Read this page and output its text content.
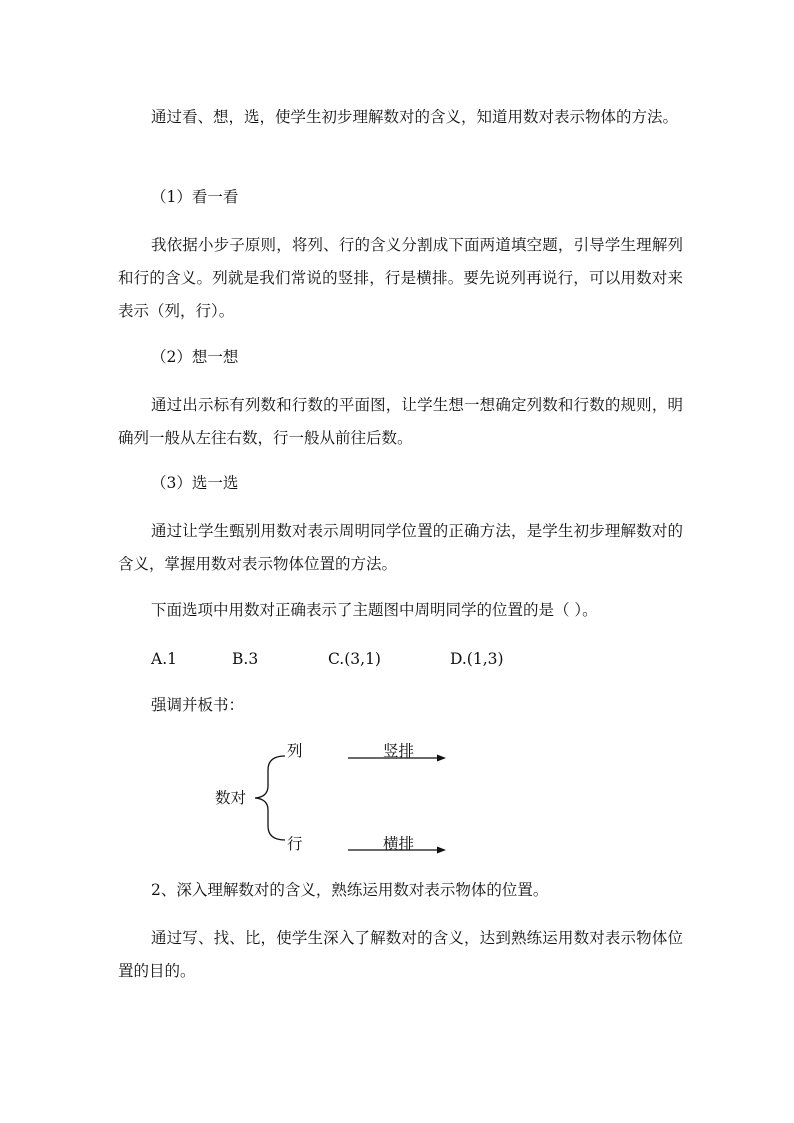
通过看、想，选，使学生初步理解数对的含义，知道用数对表示物体的方法。

（1）看一看

我依据小步子原则，将列、行的含义分割成下面两道填空题，引导学生理解列和行的含义。列就是我们常说的竖排，行是横排。要先说列再说行，可以用数对来表示（列，行）。

（2）想一想

通过出示标有列数和行数的平面图，让学生想一想确定列数和行数的规则，明确列一般从左往右数，行一般从前往后数。

（3）选一选

通过让学生甄别用数对表示周明同学位置的正确方法，是学生初步理解数对的含义，掌握用数对表示物体位置的方法。

下面选项中用数对正确表示了主题图中周明同学的位置的是（ ）。

A.1	B.3	C.(3,1)	D.(1,3)

强调并板书：

数对
列
行
竖排
横排

2、深入理解数对的含义，熟练运用数对表示物体的位置。

通过写、找、比，使学生深入了解数对的含义，达到熟练运用数对表示物体位置的目的。
